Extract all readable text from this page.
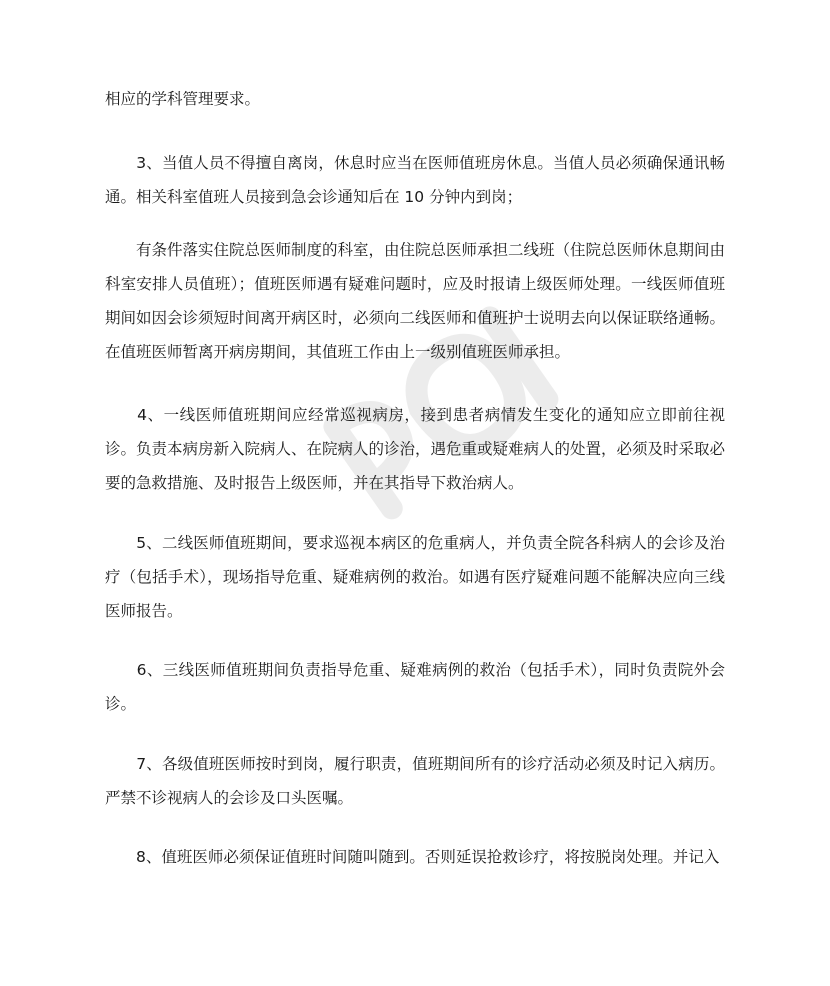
相应的学科管理要求。

　　3、当值人员不得擅自离岗，休息时应当在医师值班房休息。当值人员必须确保通讯畅通。相关科室值班人员接到急会诊通知后在 10 分钟内到岗；

　　有条件落实住院总医师制度的科室，由住院总医师承担二线班（住院总医师休息期间由科室安排人员值班）；值班医师遇有疑难问题时，应及时报请上级医师处理。一线医师值班期间如因会诊须短时间离开病区时，必须向二线医师和值班护士说明去向以保证联络通畅。在值班医师暂离开病房期间，其值班工作由上一级别值班医师承担。

　　4、一线医师值班期间应经常巡视病房，接到患者病情发生变化的通知应立即前往视诊。负责本病房新入院病人、在院病人的诊治，遇危重或疑难病人的处置，必须及时采取必要的急救措施、及时报告上级医师，并在其指导下救治病人。

　　5、二线医师值班期间，要求巡视本病区的危重病人，并负责全院各科病人的会诊及治疗（包括手术），现场指导危重、疑难病例的救治。如遇有医疗疑难问题不能解决应向三线医师报告。

　　6、三线医师值班期间负责指导危重、疑难病例的救治（包括手术），同时负责院外会诊。

　　7、各级值班医师按时到岗，履行职责，值班期间所有的诊疗活动必须及时记入病历。严禁不诊视病人的会诊及口头医嘱。

　　8、值班医师必须保证值班时间随叫随到。否则延误抢救诊疗，将按脱岗处理。并记入
